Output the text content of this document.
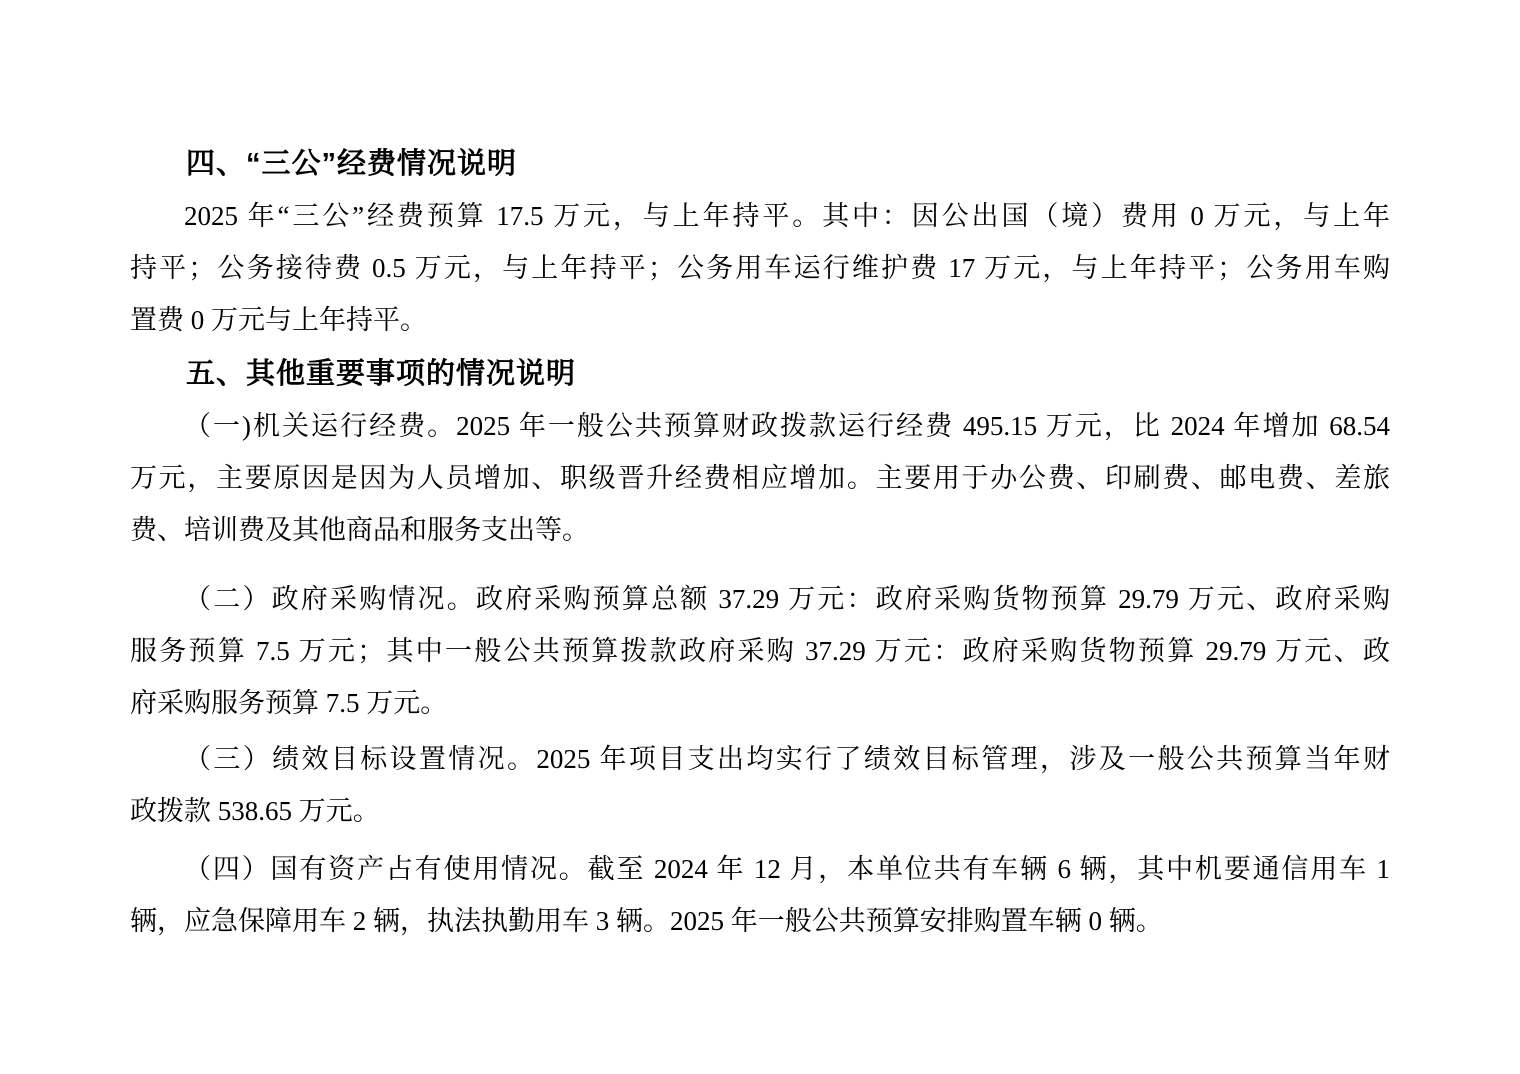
四、“三公”经费情况说明
2025 年“三公”经费预算 17.5 万元，与上年持平。其中：因公出国（境）费用 0 万元，与上年
持平；公务接待费 0.5 万元，与上年持平；公务用车运行维护费 17 万元，与上年持平；公务用车购
置费 0 万元与上年持平。
五、其他重要事项的情况说明
（一)机关运行经费。2025 年一般公共预算财政拨款运行经费 495.15 万元，比 2024 年增加 68.54
万元，主要原因是因为人员增加、职级晋升经费相应增加。主要用于办公费、印刷费、邮电费、差旅
费、培训费及其他商品和服务支出等。
（二）政府采购情况。政府采购预算总额 37.29 万元：政府采购货物预算 29.79 万元、政府采购
服务预算 7.5 万元；其中一般公共预算拨款政府采购 37.29 万元：政府采购货物预算 29.79 万元、政
府采购服务预算 7.5 万元。
（三）绩效目标设置情况。2025 年项目支出均实行了绩效目标管理，涉及一般公共预算当年财
政拨款 538.65 万元。
（四）国有资产占有使用情况。截至 2024 年 12 月，本单位共有车辆 6 辆，其中机要通信用车 1
辆，应急保障用车 2 辆，执法执勤用车 3 辆。2025 年一般公共预算安排购置车辆 0 辆。
